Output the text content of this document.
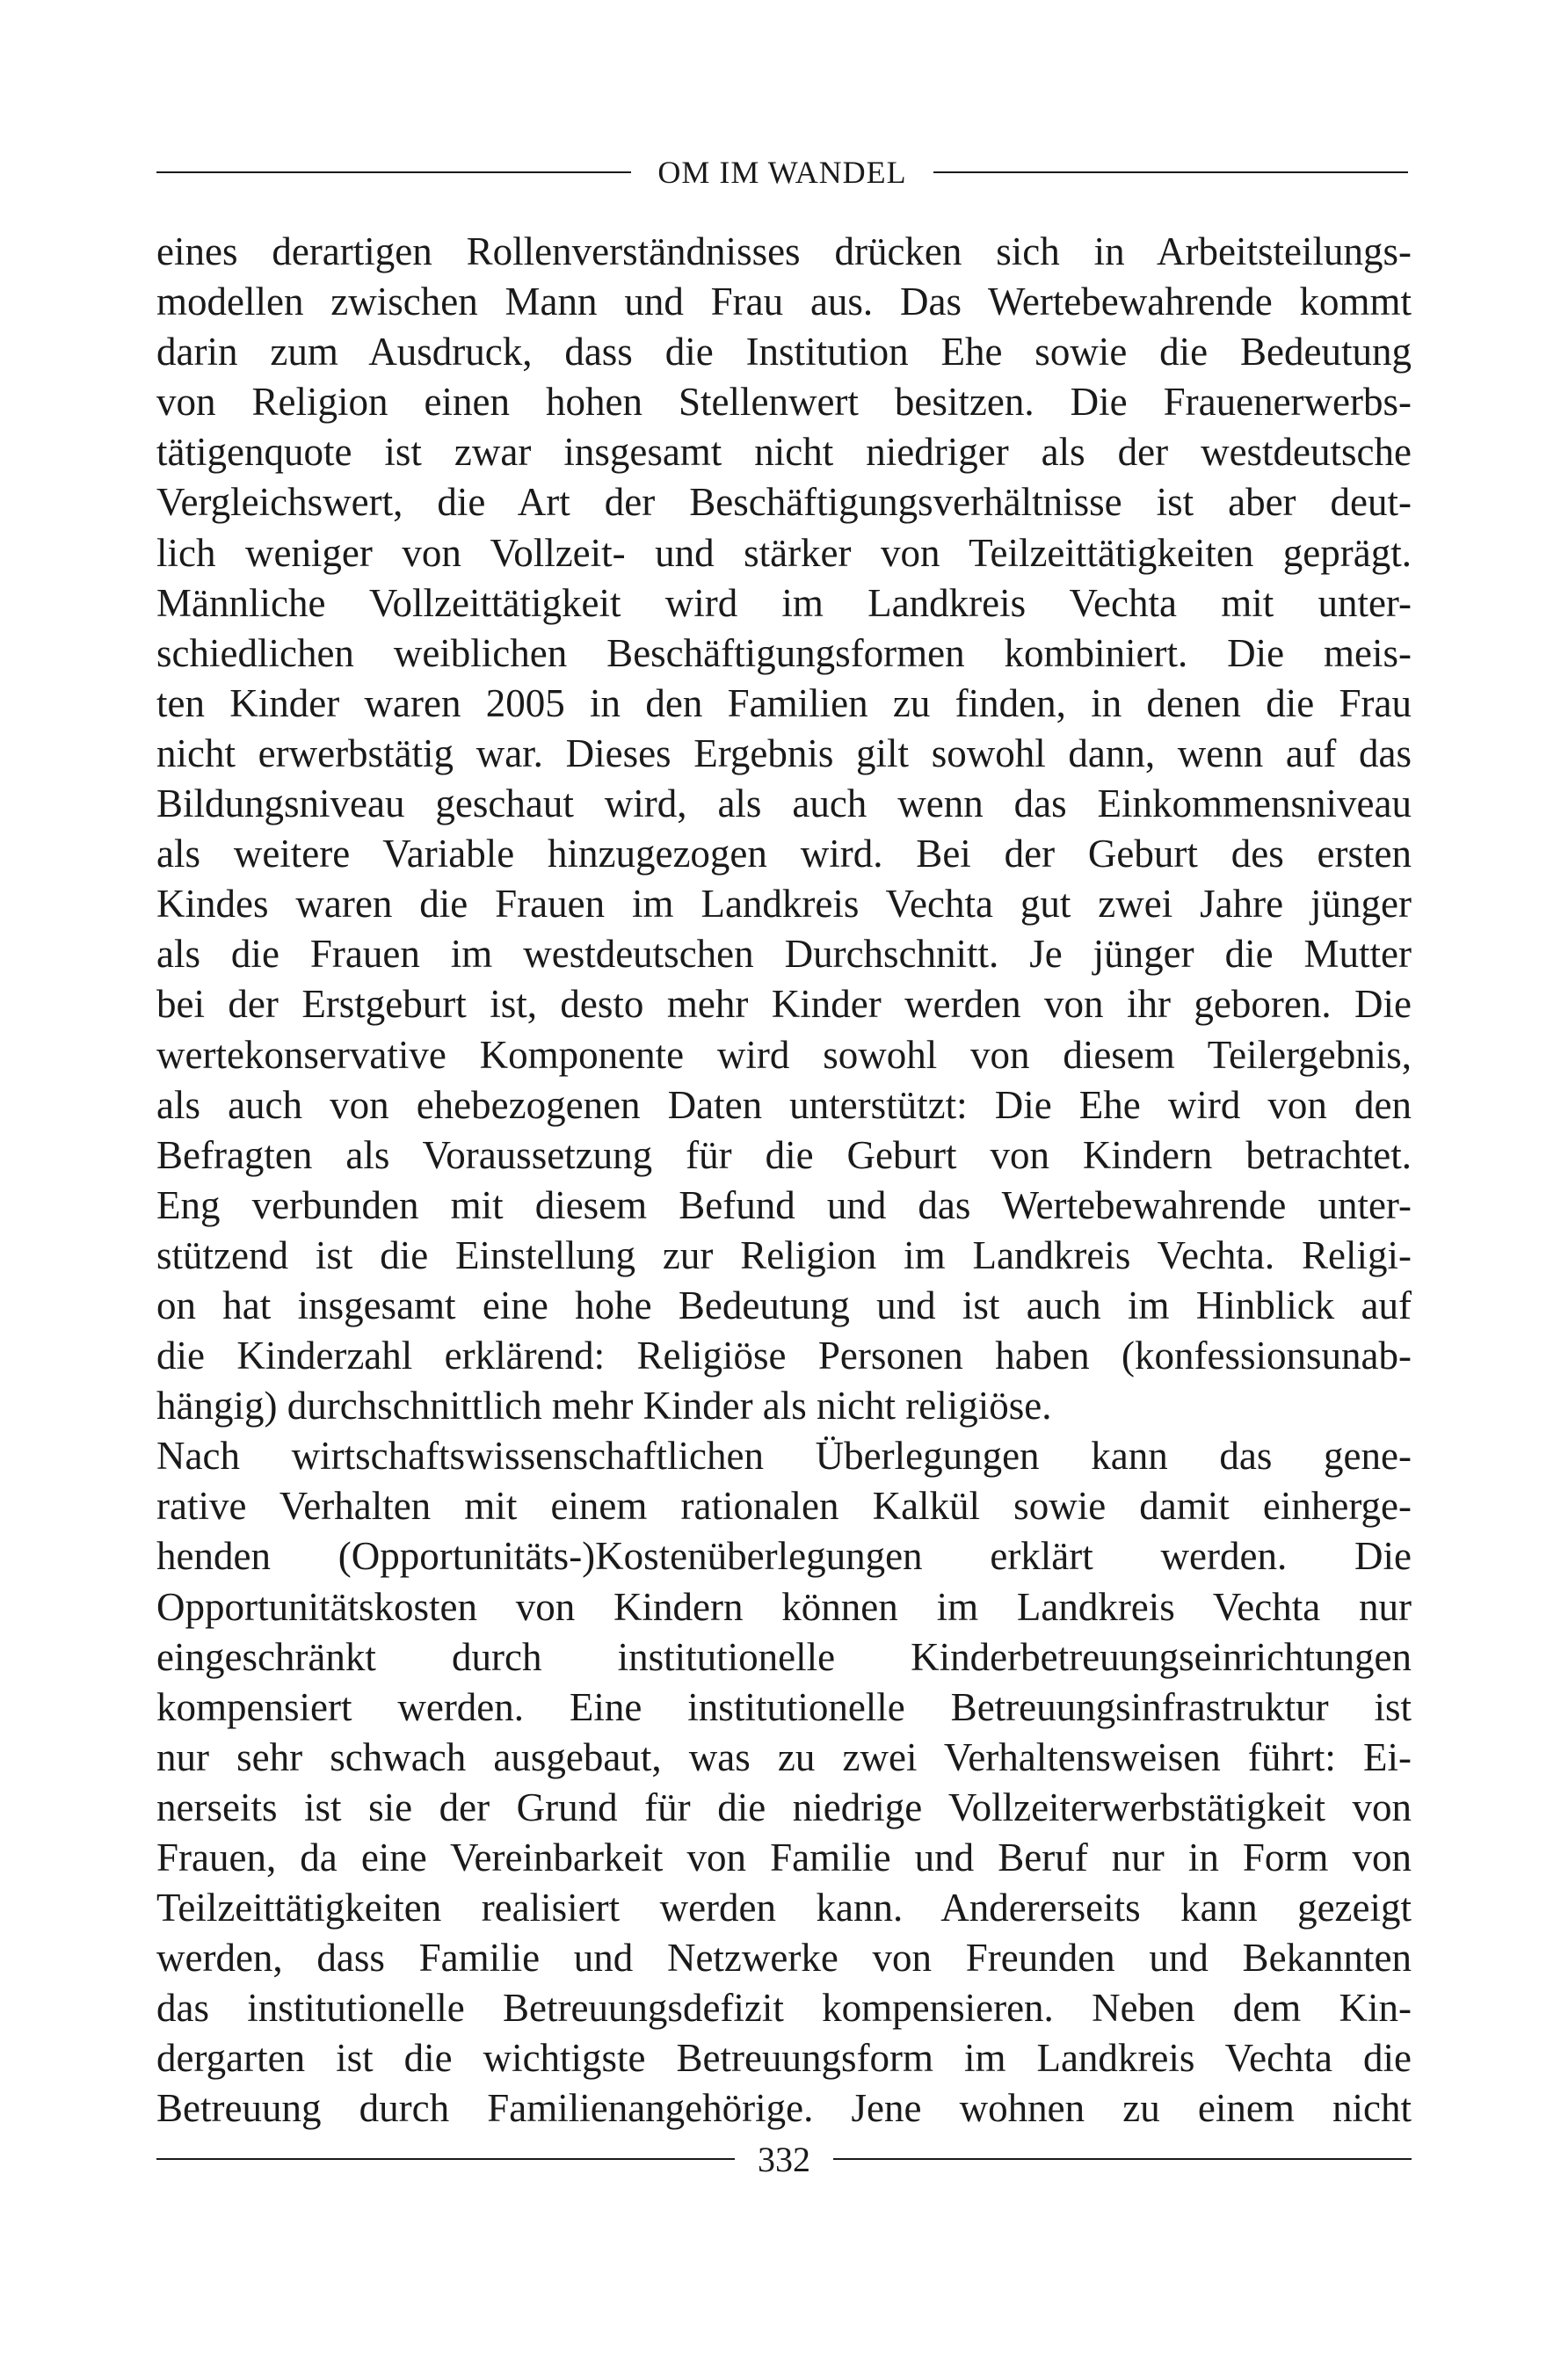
OM IM WANDEL
eines derartigen Rollenverständnisses drücken sich in Arbeitsteilungs-
modellen zwischen Mann und Frau aus. Das Wertebewahrende kommt
darin zum Ausdruck, dass die Institution Ehe sowie die Bedeutung
von Religion einen hohen Stellenwert besitzen. Die Frauenerwerbs-
tätigenquote ist zwar insgesamt nicht niedriger als der westdeutsche
Vergleichswert, die Art der Beschäftigungsverhältnisse ist aber deut-
lich weniger von Vollzeit- und stärker von Teilzeittätigkeiten geprägt.
Männliche Vollzeittätigkeit wird im Landkreis Vechta mit unter-
schiedlichen weiblichen Beschäftigungsformen kombiniert. Die meis-
ten Kinder waren 2005 in den Familien zu finden, in denen die Frau
nicht erwerbstätig war. Dieses Ergebnis gilt sowohl dann, wenn auf das
Bildungsniveau geschaut wird, als auch wenn das Einkommensniveau
als weitere Variable hinzugezogen wird. Bei der Geburt des ersten
Kindes waren die Frauen im Landkreis Vechta gut zwei Jahre jünger
als die Frauen im westdeutschen Durchschnitt. Je jünger die Mutter
bei der Erstgeburt ist, desto mehr Kinder werden von ihr geboren. Die
wertekonservative Komponente wird sowohl von diesem Teilergebnis,
als auch von ehebezogenen Daten unterstützt: Die Ehe wird von den
Befragten als Voraussetzung für die Geburt von Kindern betrachtet.
Eng verbunden mit diesem Befund und das Wertebewahrende unter-
stützend ist die Einstellung zur Religion im Landkreis Vechta. Religi-
on hat insgesamt eine hohe Bedeutung und ist auch im Hinblick auf
die Kinderzahl erklärend: Religiöse Personen haben (konfessionsunab-
hängig) durchschnittlich mehr Kinder als nicht religiöse.
Nach wirtschaftswissenschaftlichen Überlegungen kann das gene-
rative Verhalten mit einem rationalen Kalkül sowie damit einherge-
henden (Opportunitäts-)Kostenüberlegungen erklärt werden. Die
Opportunitätskosten von Kindern können im Landkreis Vechta nur
eingeschränkt durch institutionelle Kinderbetreuungseinrichtungen
kompensiert werden. Eine institutionelle Betreuungsinfrastruktur ist
nur sehr schwach ausgebaut, was zu zwei Verhaltensweisen führt: Ei-
nerseits ist sie der Grund für die niedrige Vollzeiterwerbstätigkeit von
Frauen, da eine Vereinbarkeit von Familie und Beruf nur in Form von
Teilzeittätigkeiten realisiert werden kann. Andererseits kann gezeigt
werden, dass Familie und Netzwerke von Freunden und Bekannten
das institutionelle Betreuungsdefizit kompensieren. Neben dem Kin-
dergarten ist die wichtigste Betreuungsform im Landkreis Vechta die
Betreuung durch Familienangehörige. Jene wohnen zu einem nicht
332
